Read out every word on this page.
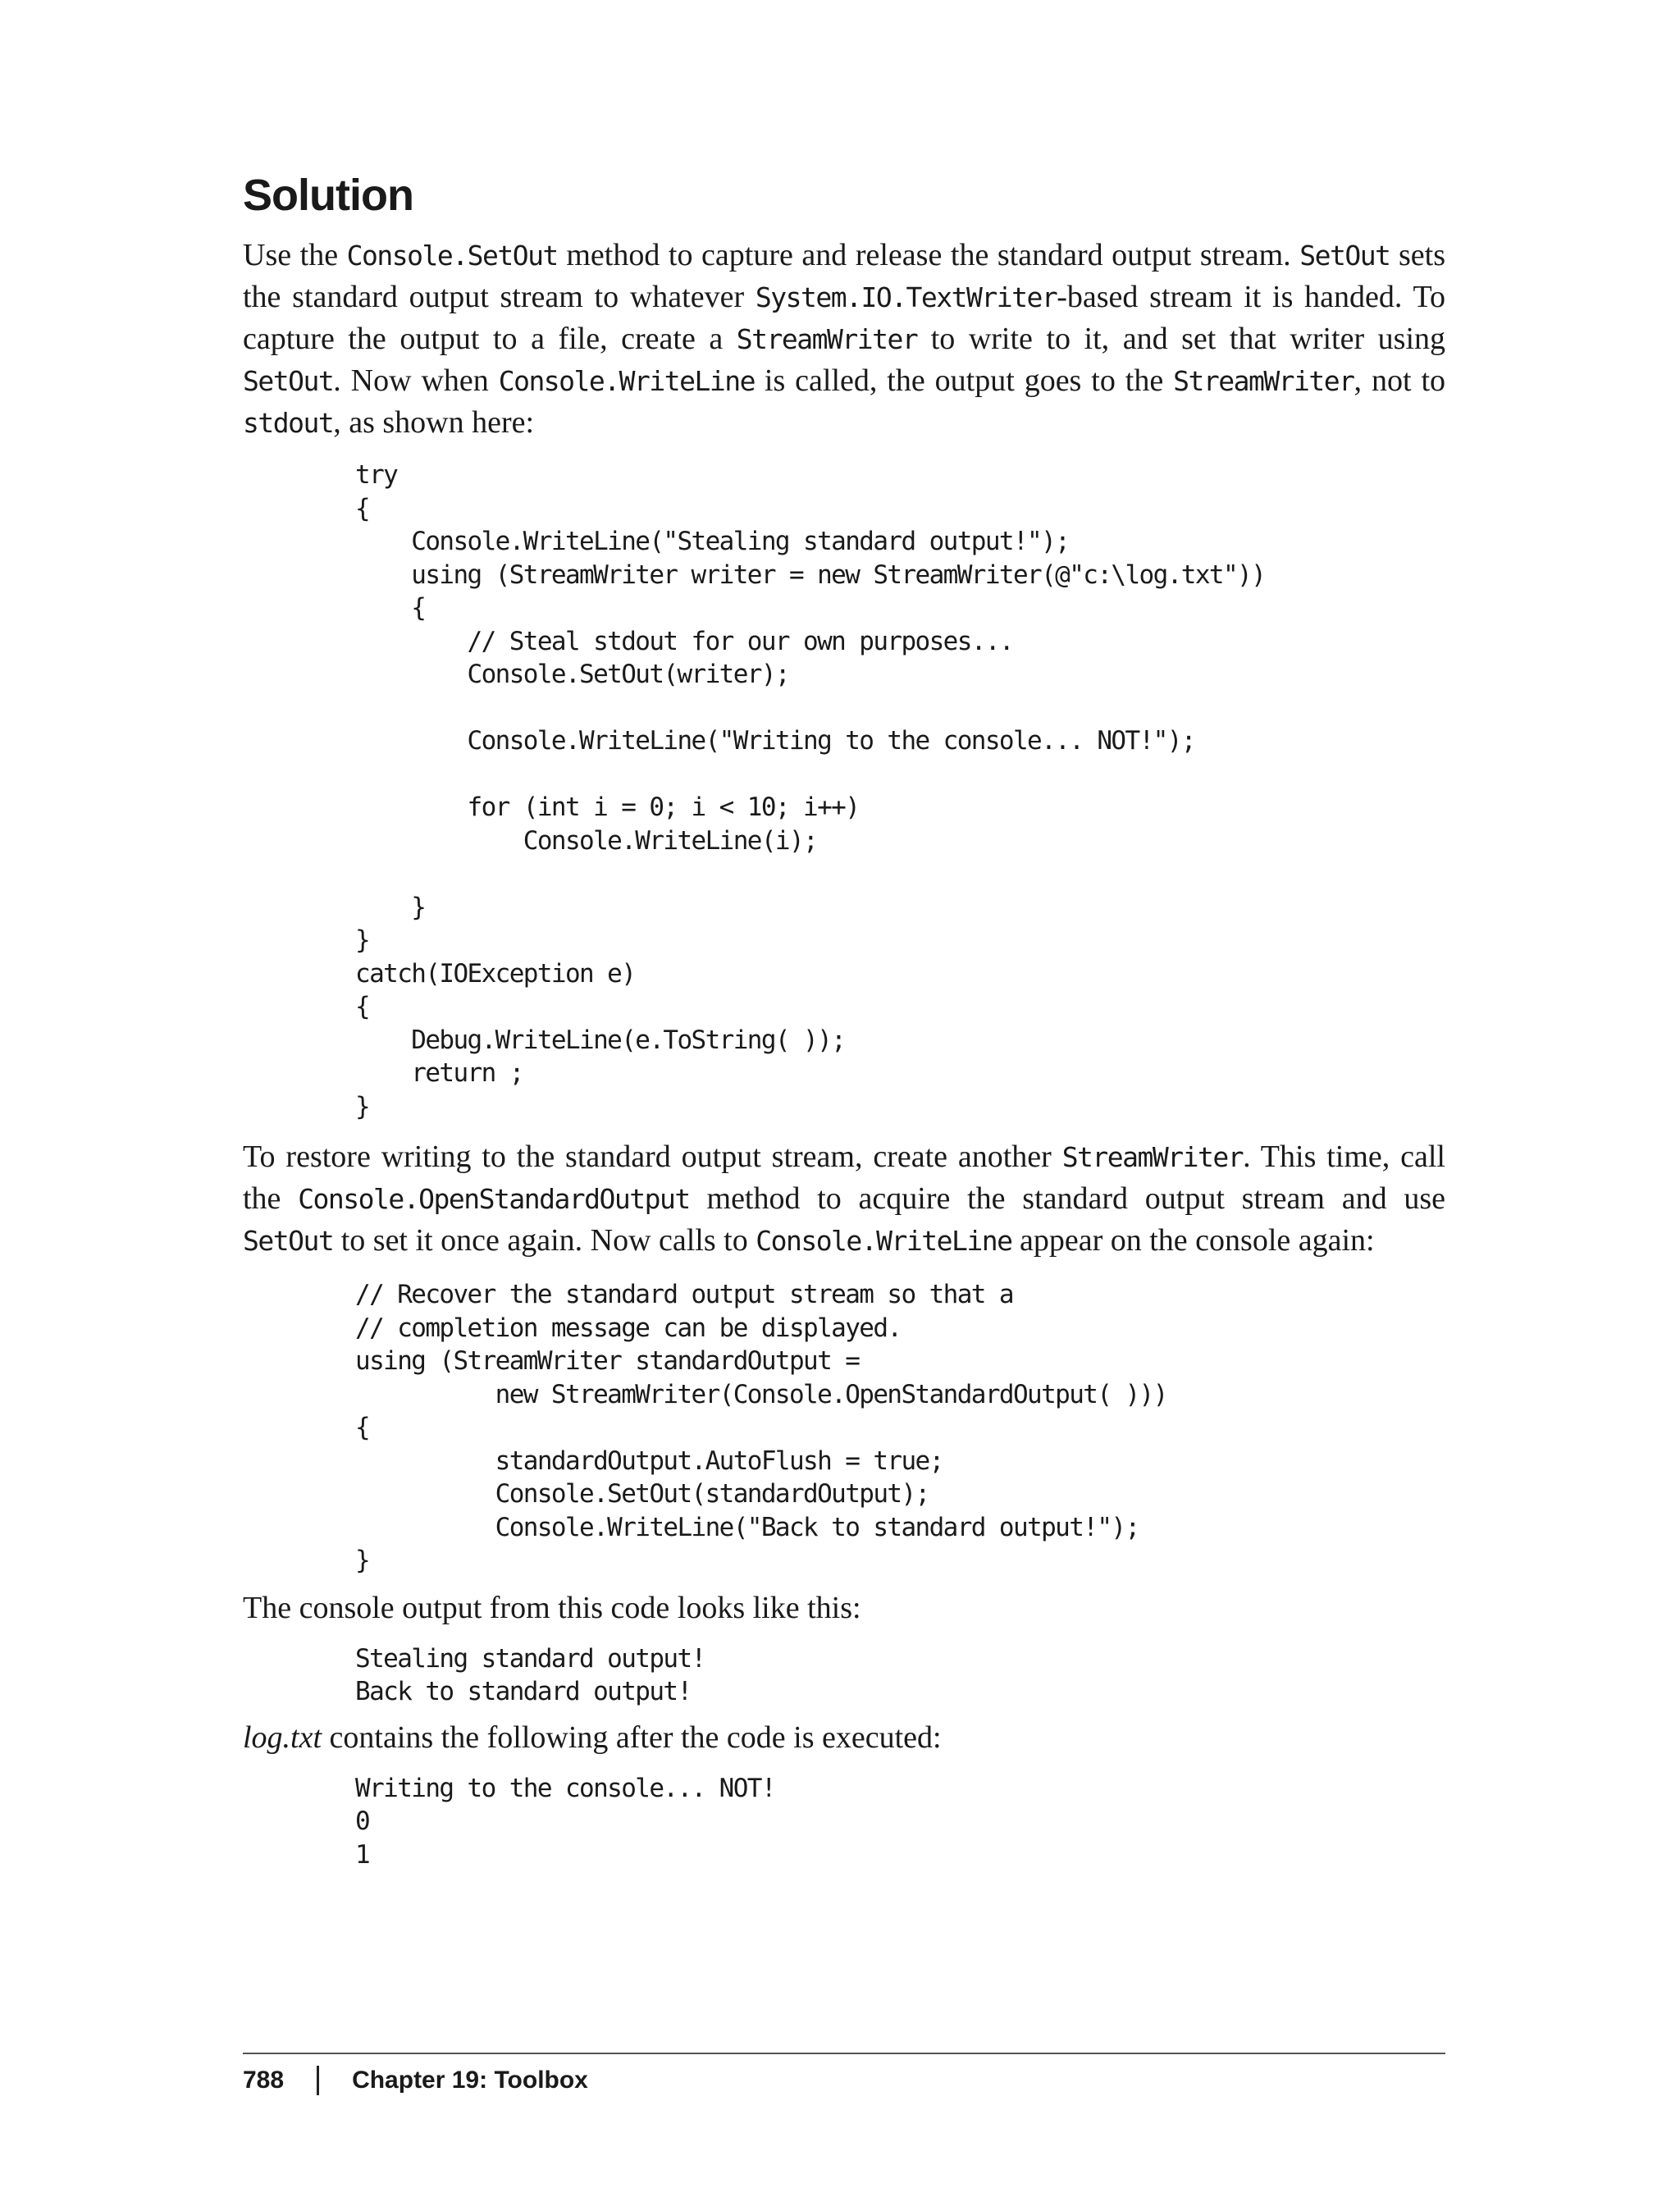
Solution

Use the Console.SetOut method to capture and release the standard output stream. SetOut sets the standard output stream to whatever System.IO.TextWriter-based stream it is handed. To capture the output to a file, create a StreamWriter to write to it, and set that writer using SetOut. Now when Console.WriteLine is called, the output goes to the StreamWriter, not to stdout, as shown here:

try
{
Console.WriteLine("Stealing standard output!");
using (StreamWriter writer = new StreamWriter(@"c:\log.txt"))
{
// Steal stdout for our own purposes...
Console.SetOut(writer);

Console.WriteLine("Writing to the console... NOT!");

for (int i = 0; i < 10; i++)
Console.WriteLine(i);

}
}
catch(IOException e)
{
Debug.WriteLine(e.ToString( ));
return ;
}

To restore writing to the standard output stream, create another StreamWriter. This time, call the Console.OpenStandardOutput method to acquire the standard output stream and use SetOut to set it once again. Now calls to Console.WriteLine appear on the console again:

// Recover the standard output stream so that a
// completion message can be displayed.
using (StreamWriter standardOutput =
new StreamWriter(Console.OpenStandardOutput( )))
{
standardOutput.AutoFlush = true;
Console.SetOut(standardOutput);
Console.WriteLine("Back to standard output!");
}

The console output from this code looks like this:

Stealing standard output!
Back to standard output!

log.txt contains the following after the code is executed:

Writing to the console... NOT!
0
1
788	Chapter 19: Toolbox
